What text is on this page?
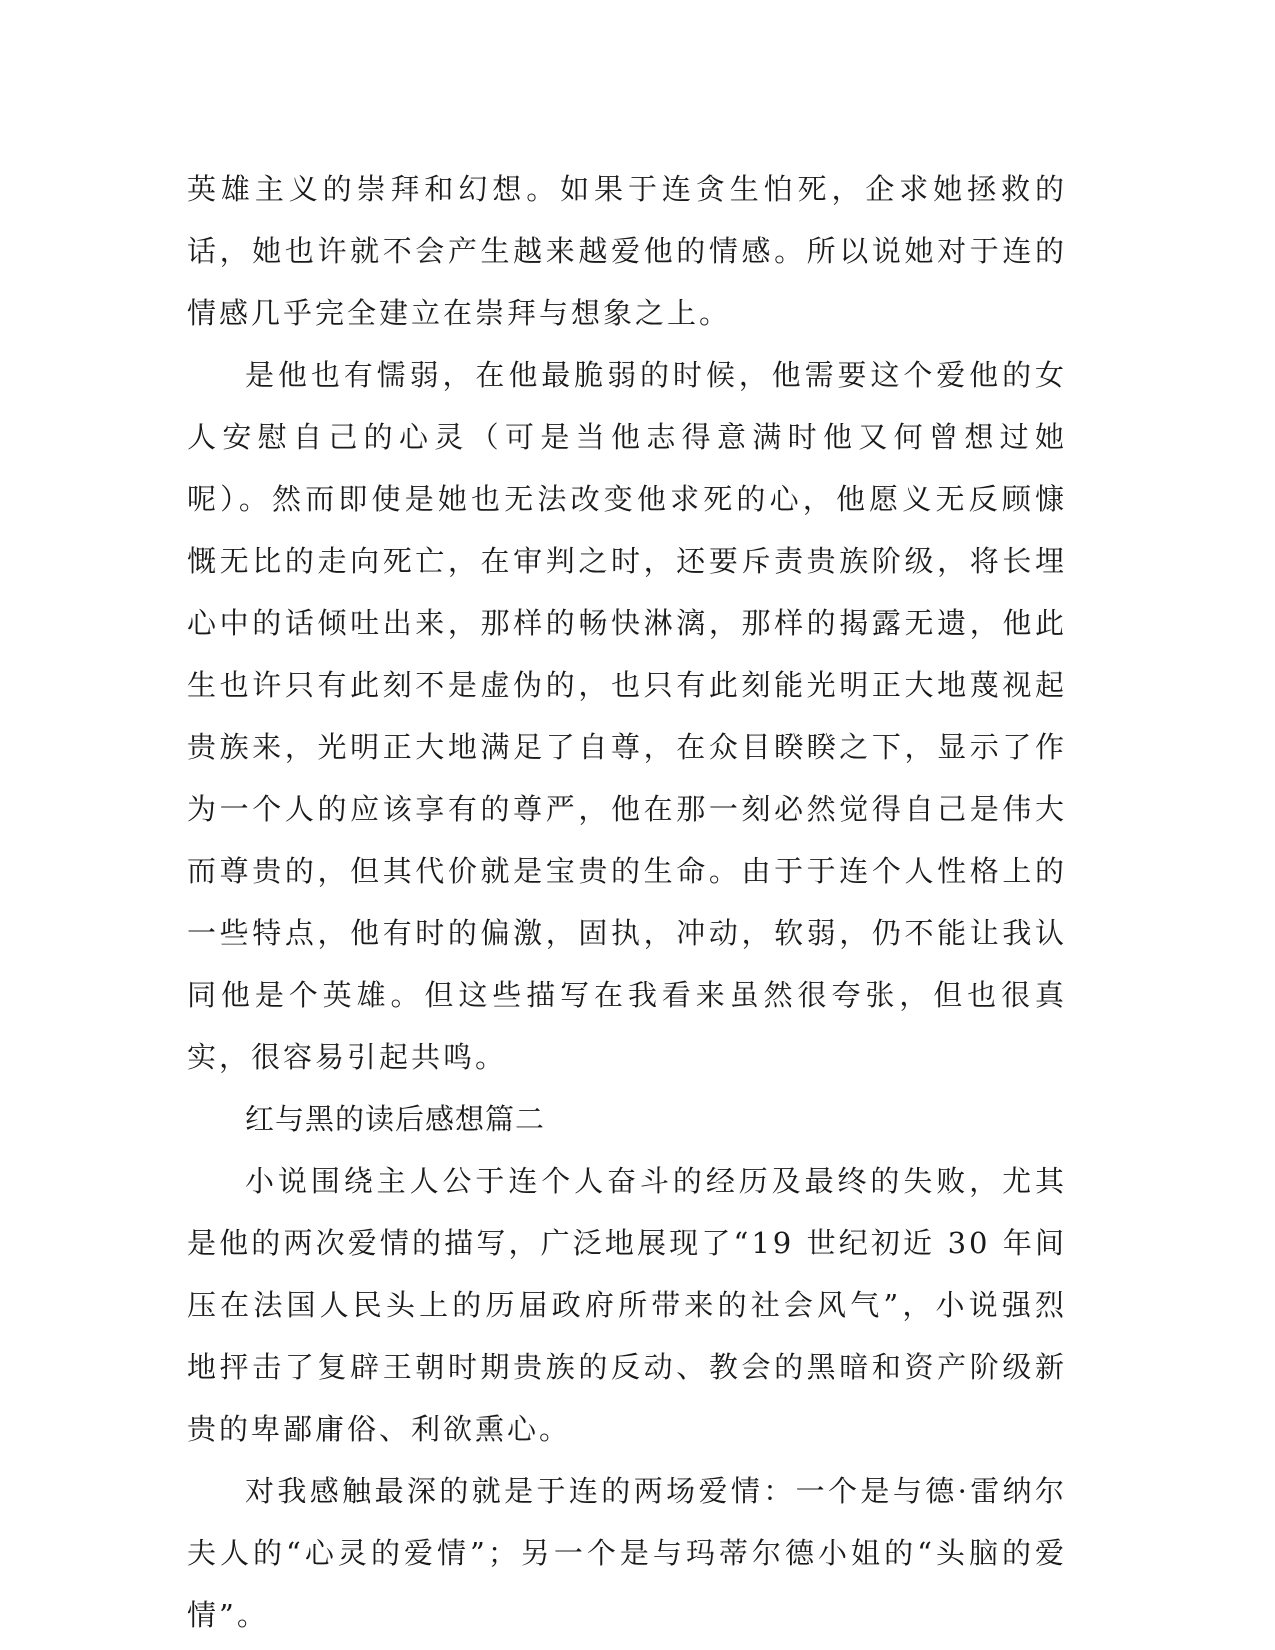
英雄主义的崇拜和幻想。如果于连贪生怕死，企求她拯救的话，她也许就不会产生越来越爱他的情感。所以说她对于连的情感几乎完全建立在崇拜与想象之上。

是他也有懦弱，在他最脆弱的时候，他需要这个爱他的女人安慰自己的心灵（可是当他志得意满时他又何曾想过她呢）。然而即使是她也无法改变他求死的心，他愿义无反顾慷慨无比的走向死亡，在审判之时，还要斥责贵族阶级，将长埋心中的话倾吐出来，那样的畅快淋漓，那样的揭露无遗，他此生也许只有此刻不是虚伪的，也只有此刻能光明正大地蔑视起贵族来，光明正大地满足了自尊，在众目睽睽之下，显示了作为一个人的应该享有的尊严，他在那一刻必然觉得自己是伟大而尊贵的，但其代价就是宝贵的生命。由于于连个人性格上的一些特点，他有时的偏激，固执，冲动，软弱，仍不能让我认同他是个英雄。但这些描写在我看来虽然很夸张，但也很真实，很容易引起共鸣。

红与黑的读后感想篇二

小说围绕主人公于连个人奋斗的经历及最终的失败，尤其是他的两次爱情的描写，广泛地展现了“19 世纪初近 30 年间压在法国人民头上的历届政府所带来的社会风气”，小说强烈地抨击了复辟王朝时期贵族的反动、教会的黑暗和资产阶级新贵的卑鄙庸俗、利欲熏心。

对我感触最深的就是于连的两场爱情：一个是与德·雷纳尔夫人的“心灵的爱情”；另一个是与玛蒂尔德小姐的“头脑的爱情”。
